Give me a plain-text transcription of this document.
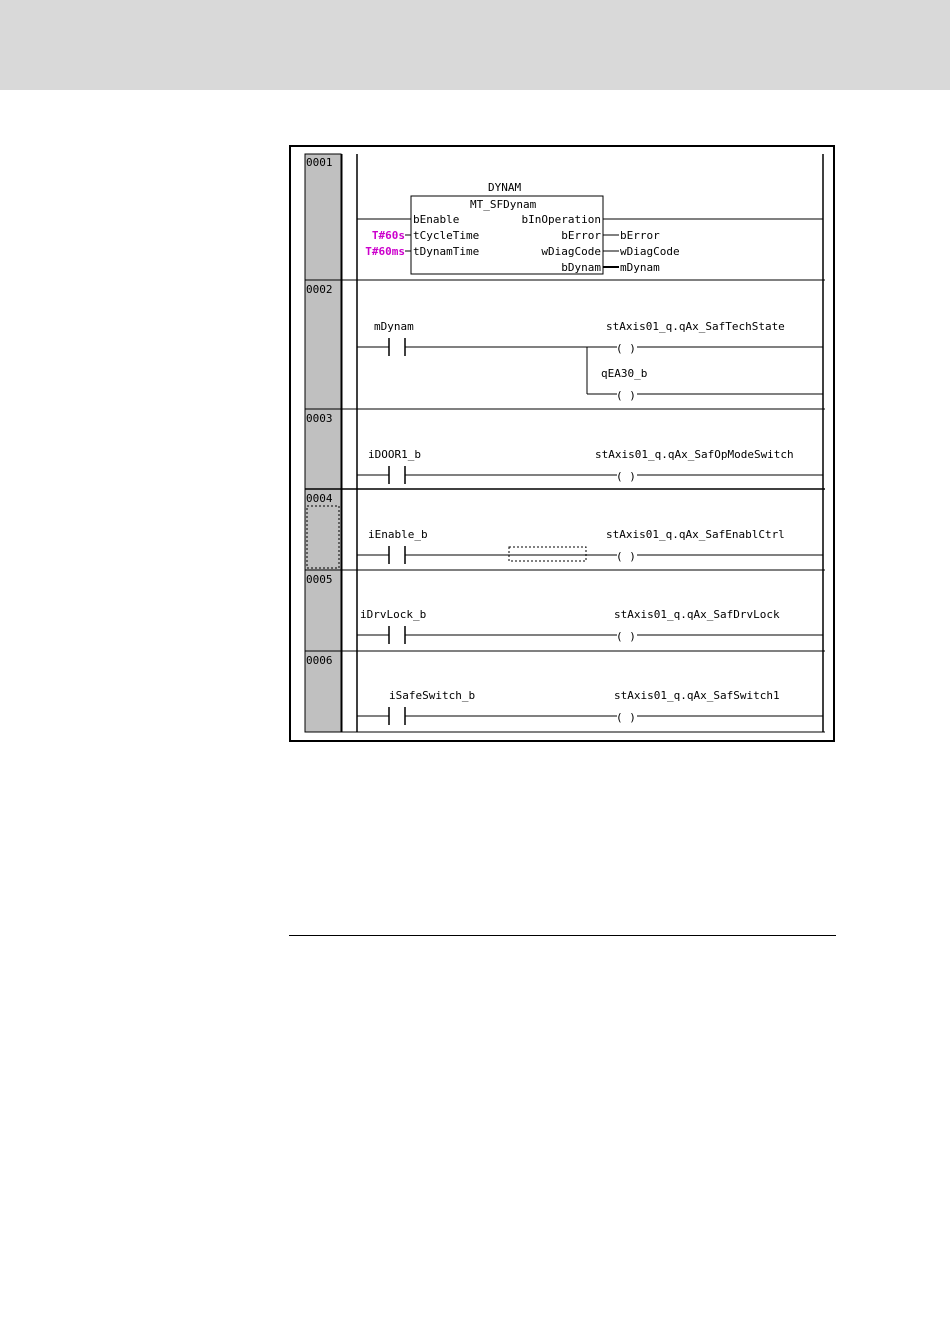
0001
0002
0003
0004
0005
0006
DYNAM
MT_SFDynam
bEnable
tCycleTime
tDynamTime
bInOperation
bError
wDiagCode
bDynam
T#60s
T#60ms
bError
wDiagCode
mDynam
mDynam	stAxis01_q.qAx_SafTechState
( )
qEA30_b
( )
iDOOR1_b	stAxis01_q.qAx_SafOpModeSwitch
( )
iEnable_b	stAxis01_q.qAx_SafEnablCtrl
( )
iDrvLock_b	stAxis01_q.qAx_SafDrvLock
( )
iSafeSwitch_b	stAxis01_q.qAx_SafSwitch1
( )
